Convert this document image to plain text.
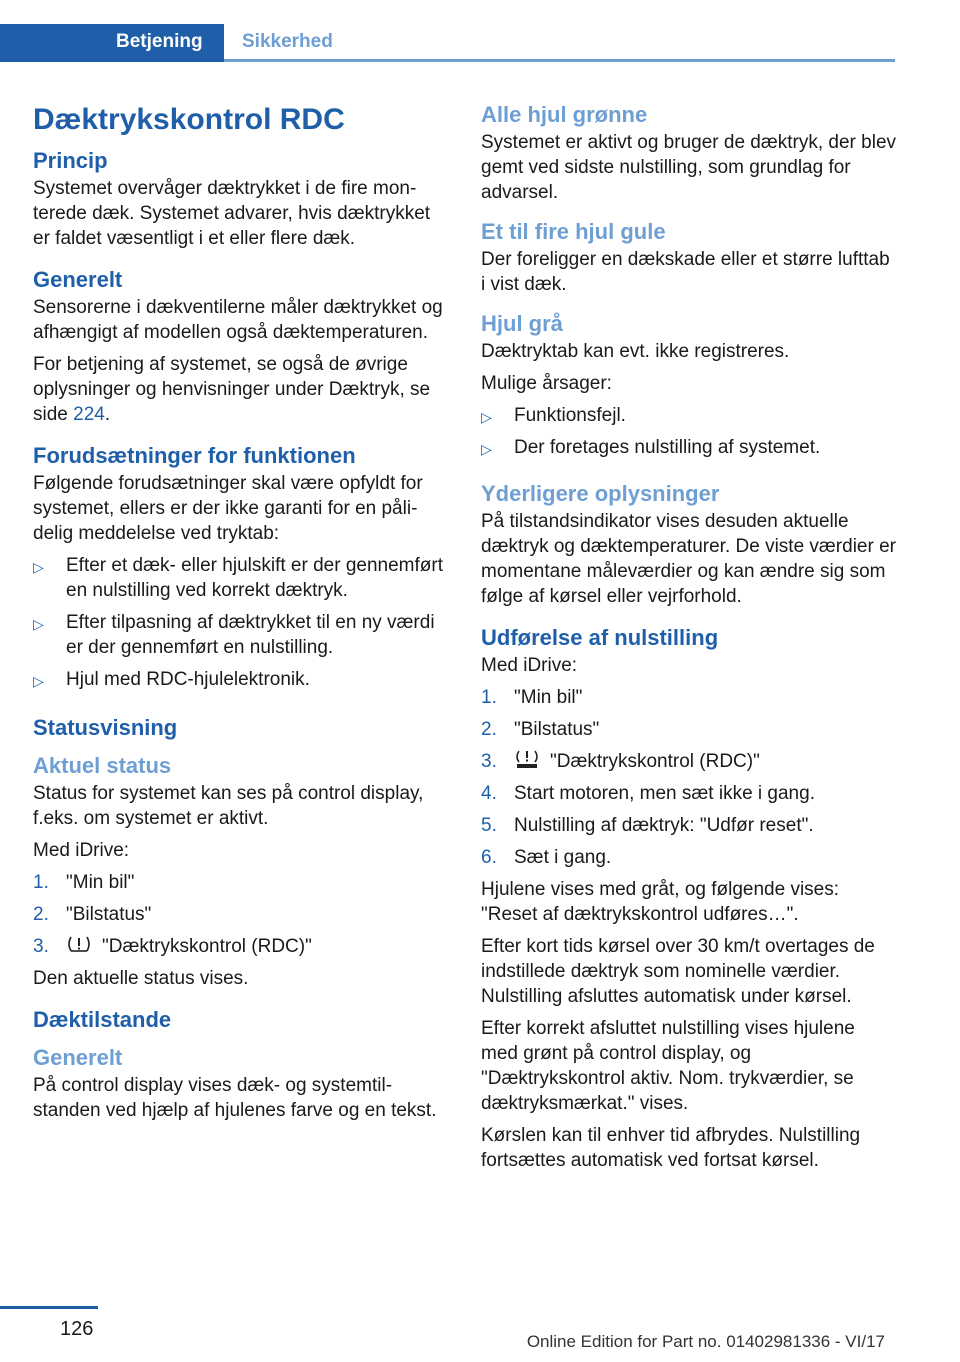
Betjening Sikkerhed
Dæktrykskontrol RDC
Princip

Systemet overvåger dæktrykket i de fire monterede dæk. Systemet advarer, hvis dæktrykket er faldet væsentligt i et eller flere dæk.

Generelt

Sensorerne i dækventilerne måler dæktrykket og afhængigt af modellen også dæktemperaturen.

For betjening af systemet, se også de øvrige oplysninger og henvisninger under Dæktryk, se side 224.

Forudsætninger for funktionen

Følgende forudsætninger skal være opfyldt for systemet, ellers er der ikke garanti for en pålidelig meddelelse ved tryktab:

▷ Efter et dæk- eller hjulskift er der gennemført en nulstilling ved korrekt dæktryk.
▷ Efter tilpasning af dæktrykket til en ny værdi er der gennemført en nulstilling.
▷ Hjul med RDC-hjulelektronik.
Statusvisning
Aktuel status

Status for systemet kan ses på control display, f.eks. om systemet er aktivt.

Med iDrive:

1. "Min bil"
2. "Bilstatus"
3.	"Dæktrykskontrol (RDC)"

Den aktuelle status vises.

Dæktilstande
Generelt

På control display vises dæk- og systemtilstanden ved hjælp af hjulenes farve og en tekst.

Alle hjul grønne

Systemet er aktivt og bruger de dæktryk, der blev gemt ved sidste nulstilling, som grundlag for advarsel.

Et til fire hjul gule

Der foreligger en dækskade eller et større lufttab i vist dæk.

Hjul grå

Dæktryktab kan evt. ikke registreres.

Mulige årsager:

▷ Funktionsfejl.
▷ Der foretages nulstilling af systemet.
Yderligere oplysninger

På tilstandsindikator vises desuden aktuelle dæktryk og dæktemperaturer. De viste værdier er momentane måleværdier og kan ændre sig som følge af kørsel eller vejrforhold.

Udførelse af nulstilling

Med iDrive:

1. "Min bil"
2. "Bilstatus"
3.	"Dæktrykskontrol (RDC)"
4. Start motoren, men sæt ikke i gang.
5. Nulstilling af dæktryk: "Udfør reset".
6. Sæt i gang.

Hjulene vises med gråt, og følgende vises: "Reset af dæktrykskontrol udføres…".

Efter kort tids kørsel over 30 km/t overtages de indstillede dæktryk som nominelle værdier. Nulstilling afsluttes automatisk under kørsel.

Efter korrekt afsluttet nulstilling vises hjulene med grønt på control display, og "Dæktrykskontrol aktiv. Nom. trykværdier, se dæktryksmærkat." vises.

Kørslen kan til enhver tid afbrydes. Nulstilling fortsættes automatisk ved fortsat kørsel.

126
Online Edition for Part no. 01402981336 - VI/17
